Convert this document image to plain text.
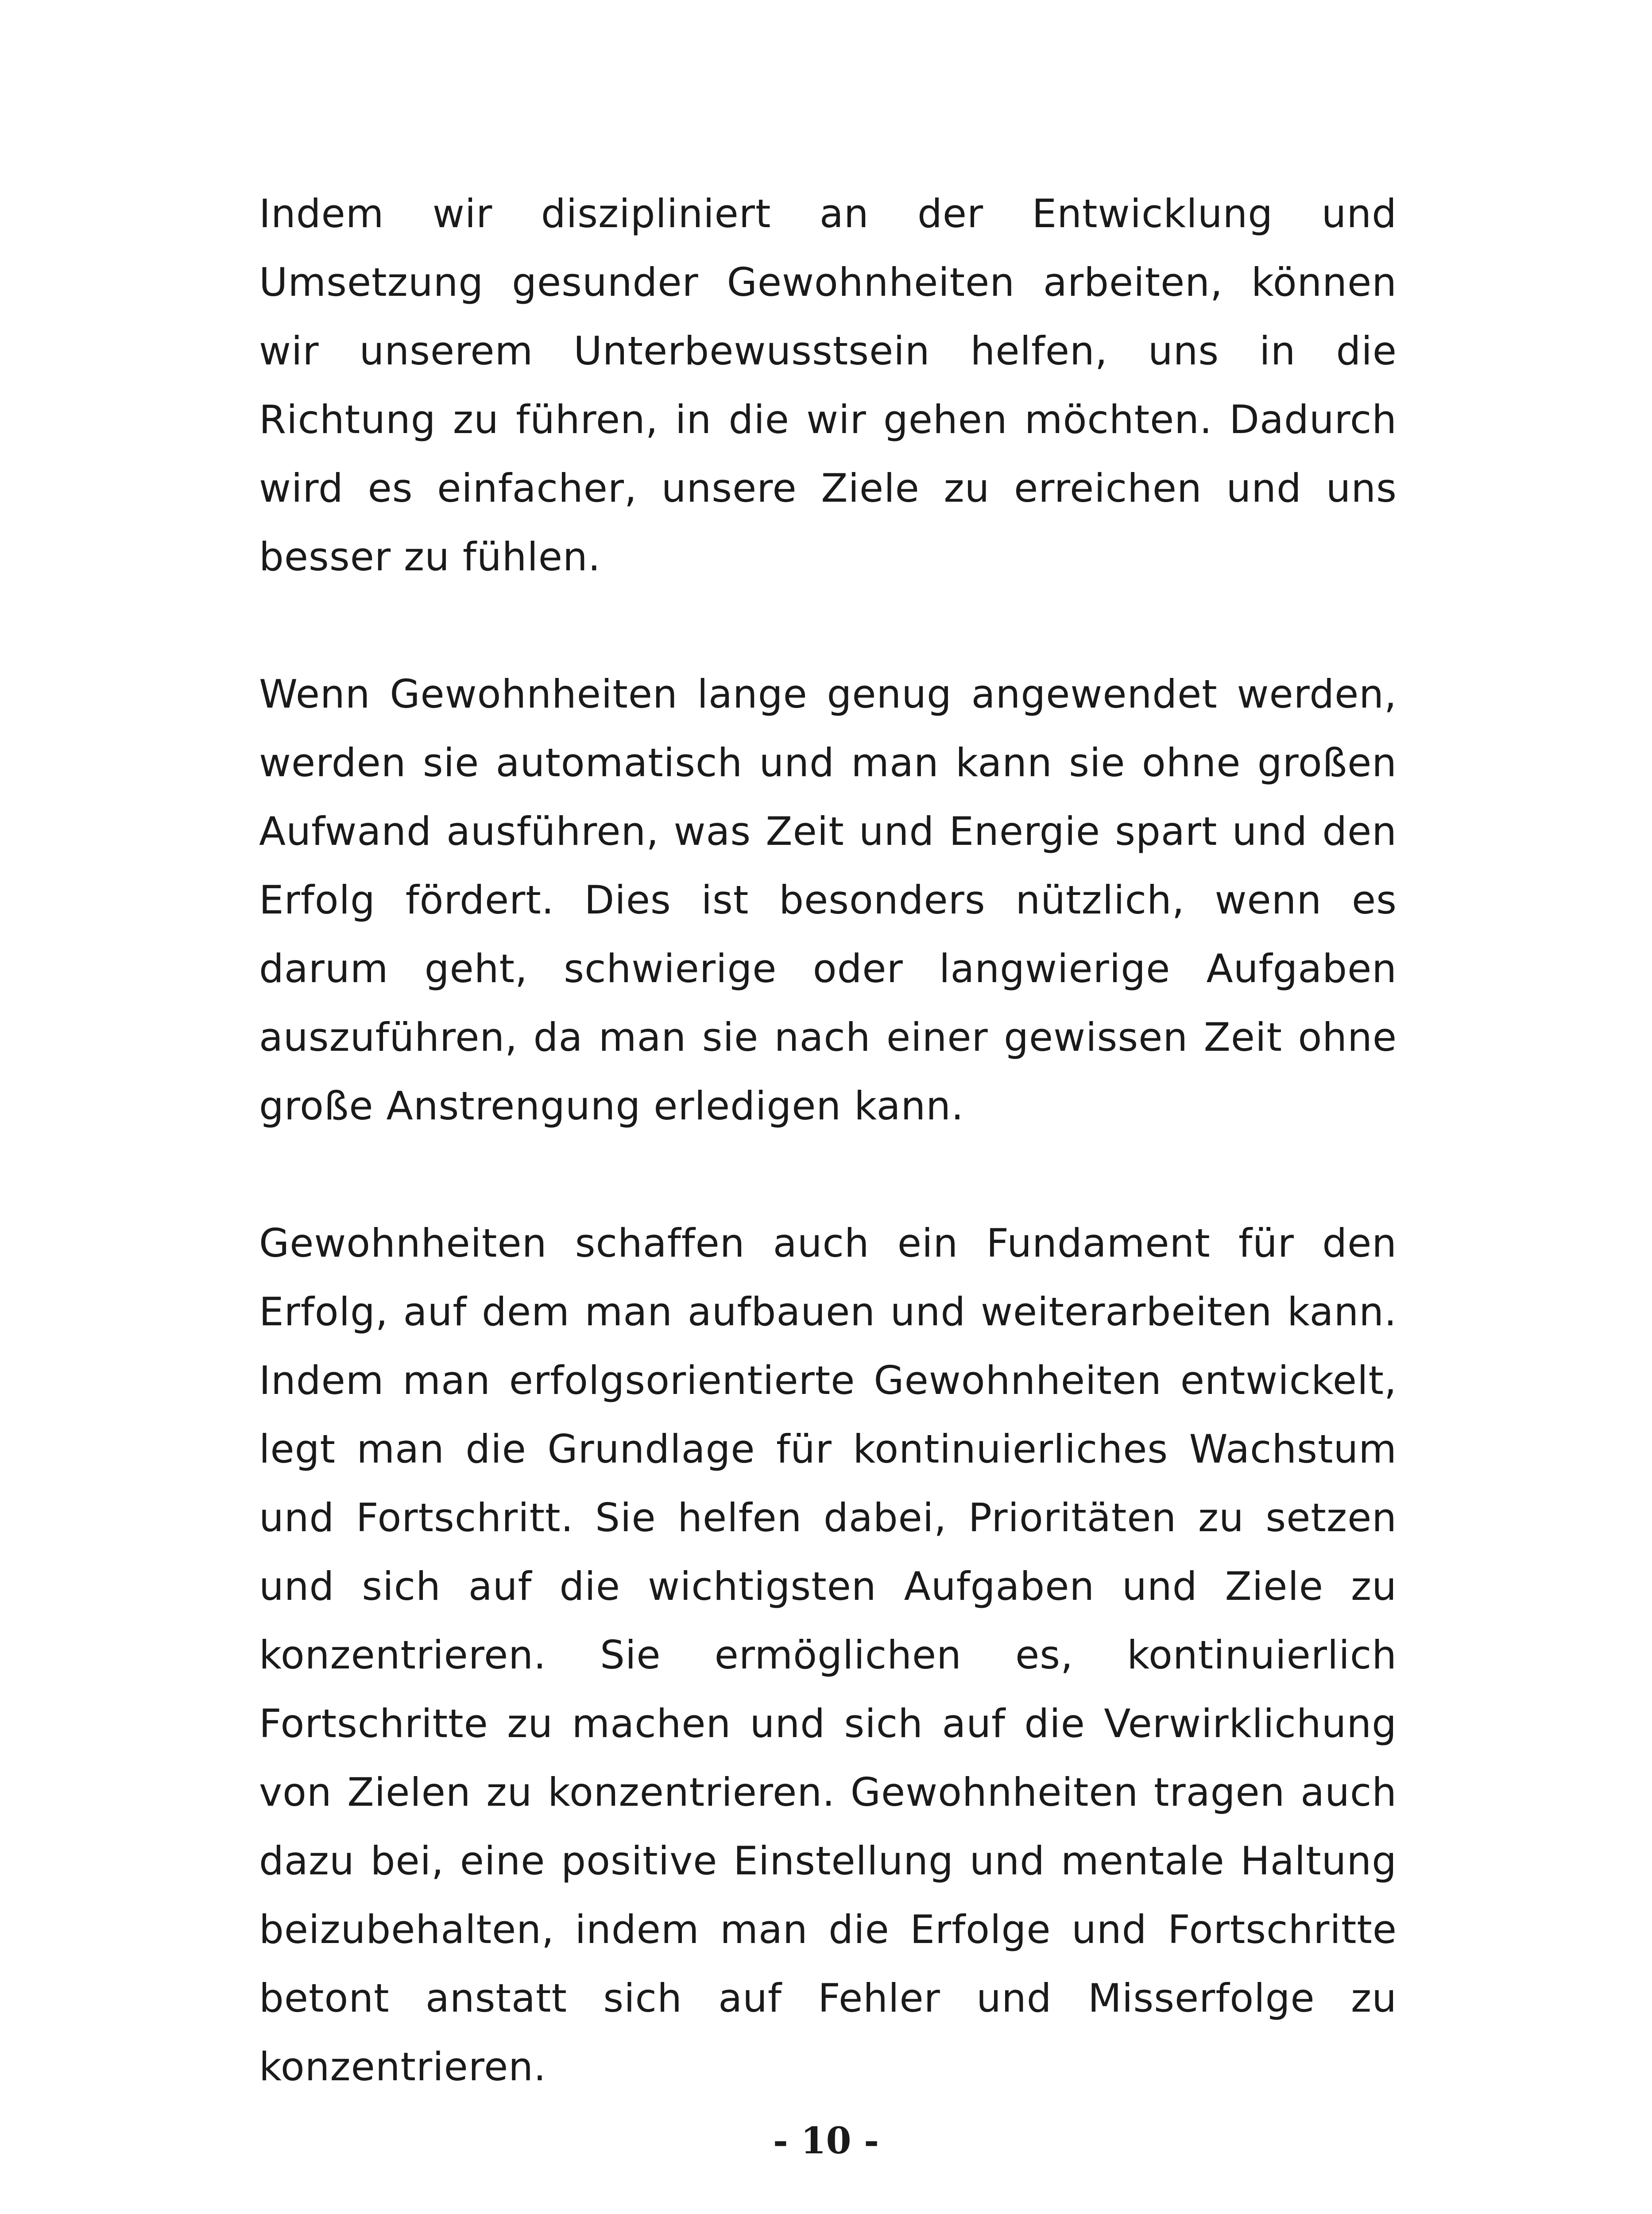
Indem wir diszipliniert an der Entwicklung und Umsetzung gesunder Gewohnheiten arbeiten, können wir unserem Unterbewusstsein helfen, uns in die Richtung zu führen, in die wir gehen möchten. Dadurch wird es einfacher, unsere Ziele zu erreichen und uns besser zu fühlen.

Wenn Gewohnheiten lange genug angewendet werden, werden sie automatisch und man kann sie ohne großen Aufwand ausführen, was Zeit und Energie spart und den Erfolg fördert. Dies ist besonders nützlich, wenn es darum geht, schwierige oder langwierige Aufgaben auszuführen, da man sie nach einer gewissen Zeit ohne große Anstrengung erledigen kann.

Gewohnheiten schaffen auch ein Fundament für den Erfolg, auf dem man aufbauen und weiterarbeiten kann. Indem man erfolgsorientierte Gewohnheiten entwickelt, legt man die Grundlage für kontinuierliches Wachstum und Fortschritt. Sie helfen dabei, Prioritäten zu setzen und sich auf die wichtigsten Aufgaben und Ziele zu konzentrieren. Sie ermöglichen es, kontinuierlich Fortschritte zu machen und sich auf die Verwirklichung von Zielen zu konzentrieren. Gewohnheiten tragen auch dazu bei, eine positive Einstellung und mentale Haltung beizubehalten, indem man die Erfolge und Fortschritte betont anstatt sich auf Fehler und Misserfolge zu konzentrieren.

- 10 -
